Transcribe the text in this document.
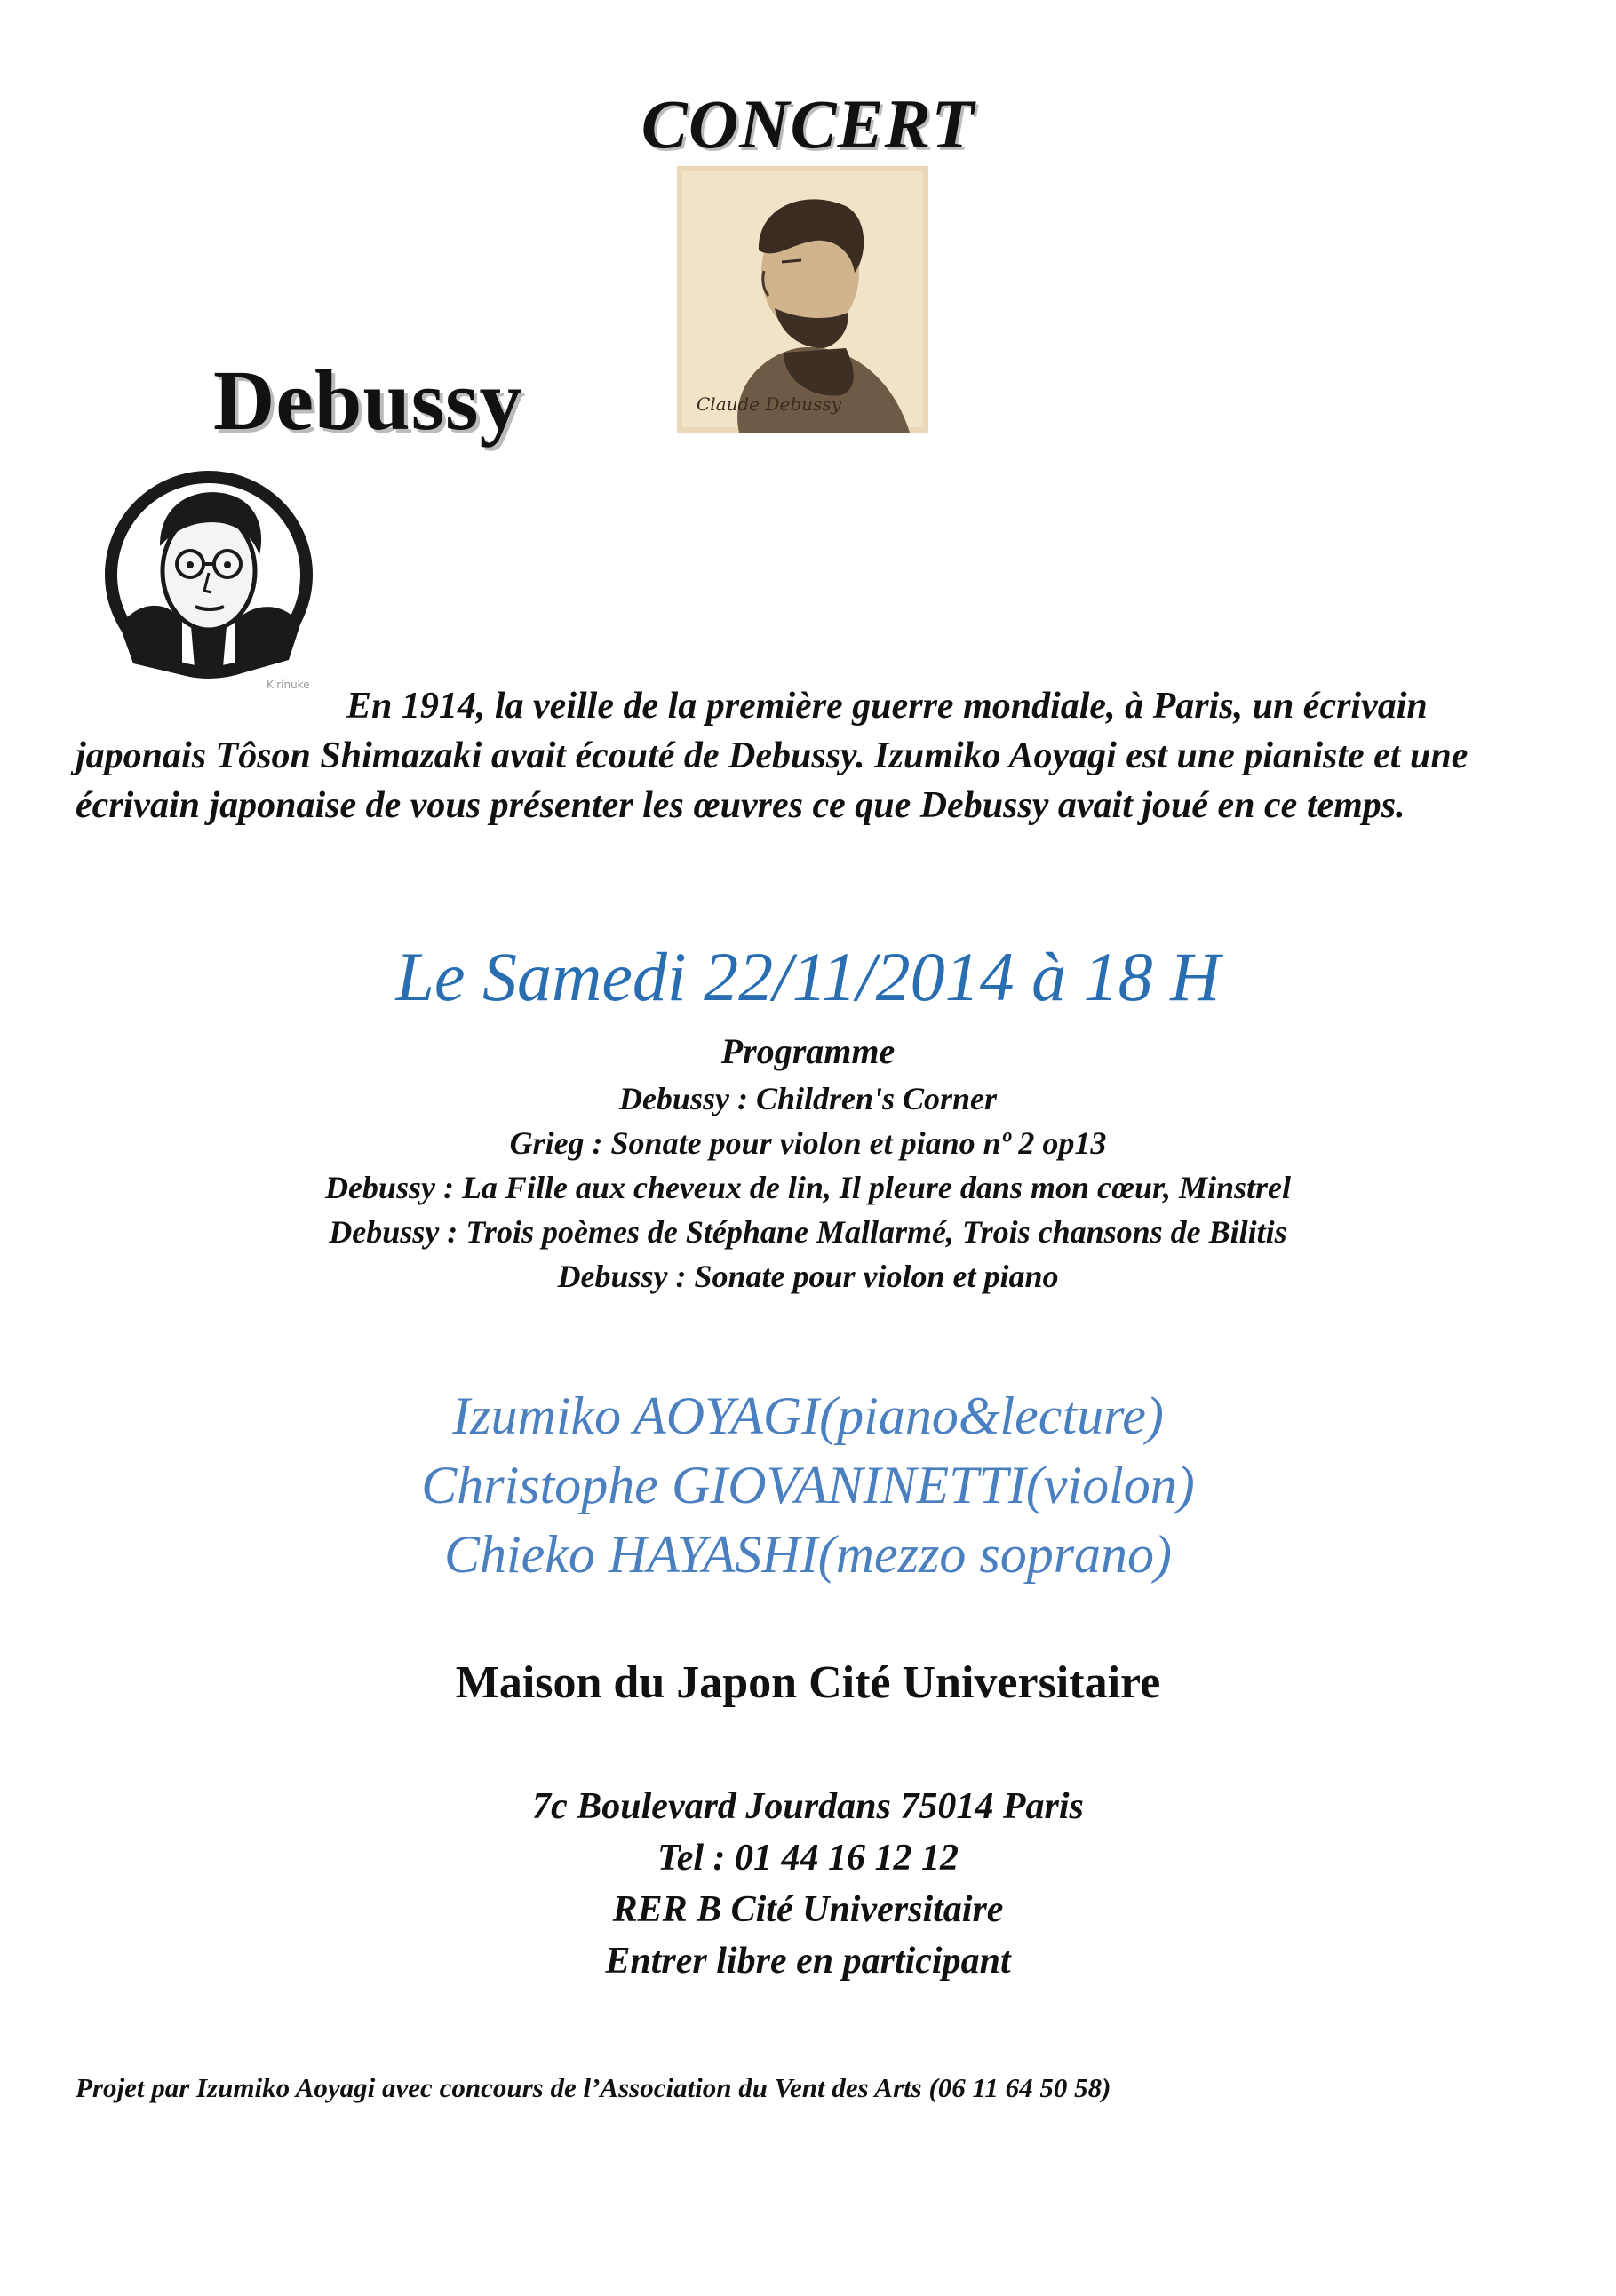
CONCERT
Claude Debussy
Debussy
Kirinuke
En 1914, la veille de la première guerre mondiale, à Paris, un écrivain japonais Tôson Shimazaki avait écouté de Debussy. Izumiko Aoyagi est une pianiste et une écrivain japonaise de vous présenter les œuvres ce que Debussy avait joué en ce temps.
Le Samedi 22/11/2014 à 18 H
Programme
Debussy : Children's Corner
Grieg : Sonate pour violon et piano nº 2 op13
Debussy : La Fille aux cheveux de lin, Il pleure dans mon cœur, Minstrel
Debussy : Trois poèmes de Stéphane Mallarmé, Trois chansons de Bilitis
Debussy : Sonate pour violon et piano
Izumiko AOYAGI(piano&lecture)
Christophe GIOVANINETTI(violon)
Chieko HAYASHI(mezzo soprano)
Maison du Japon Cité Universitaire
7c Boulevard Jourdans 75014 Paris
Tel : 01 44 16 12 12
RER B Cité Universitaire
Entrer libre en participant
Projet par Izumiko Aoyagi avec concours de l’Association du Vent des Arts (06 11 64 50 58)
